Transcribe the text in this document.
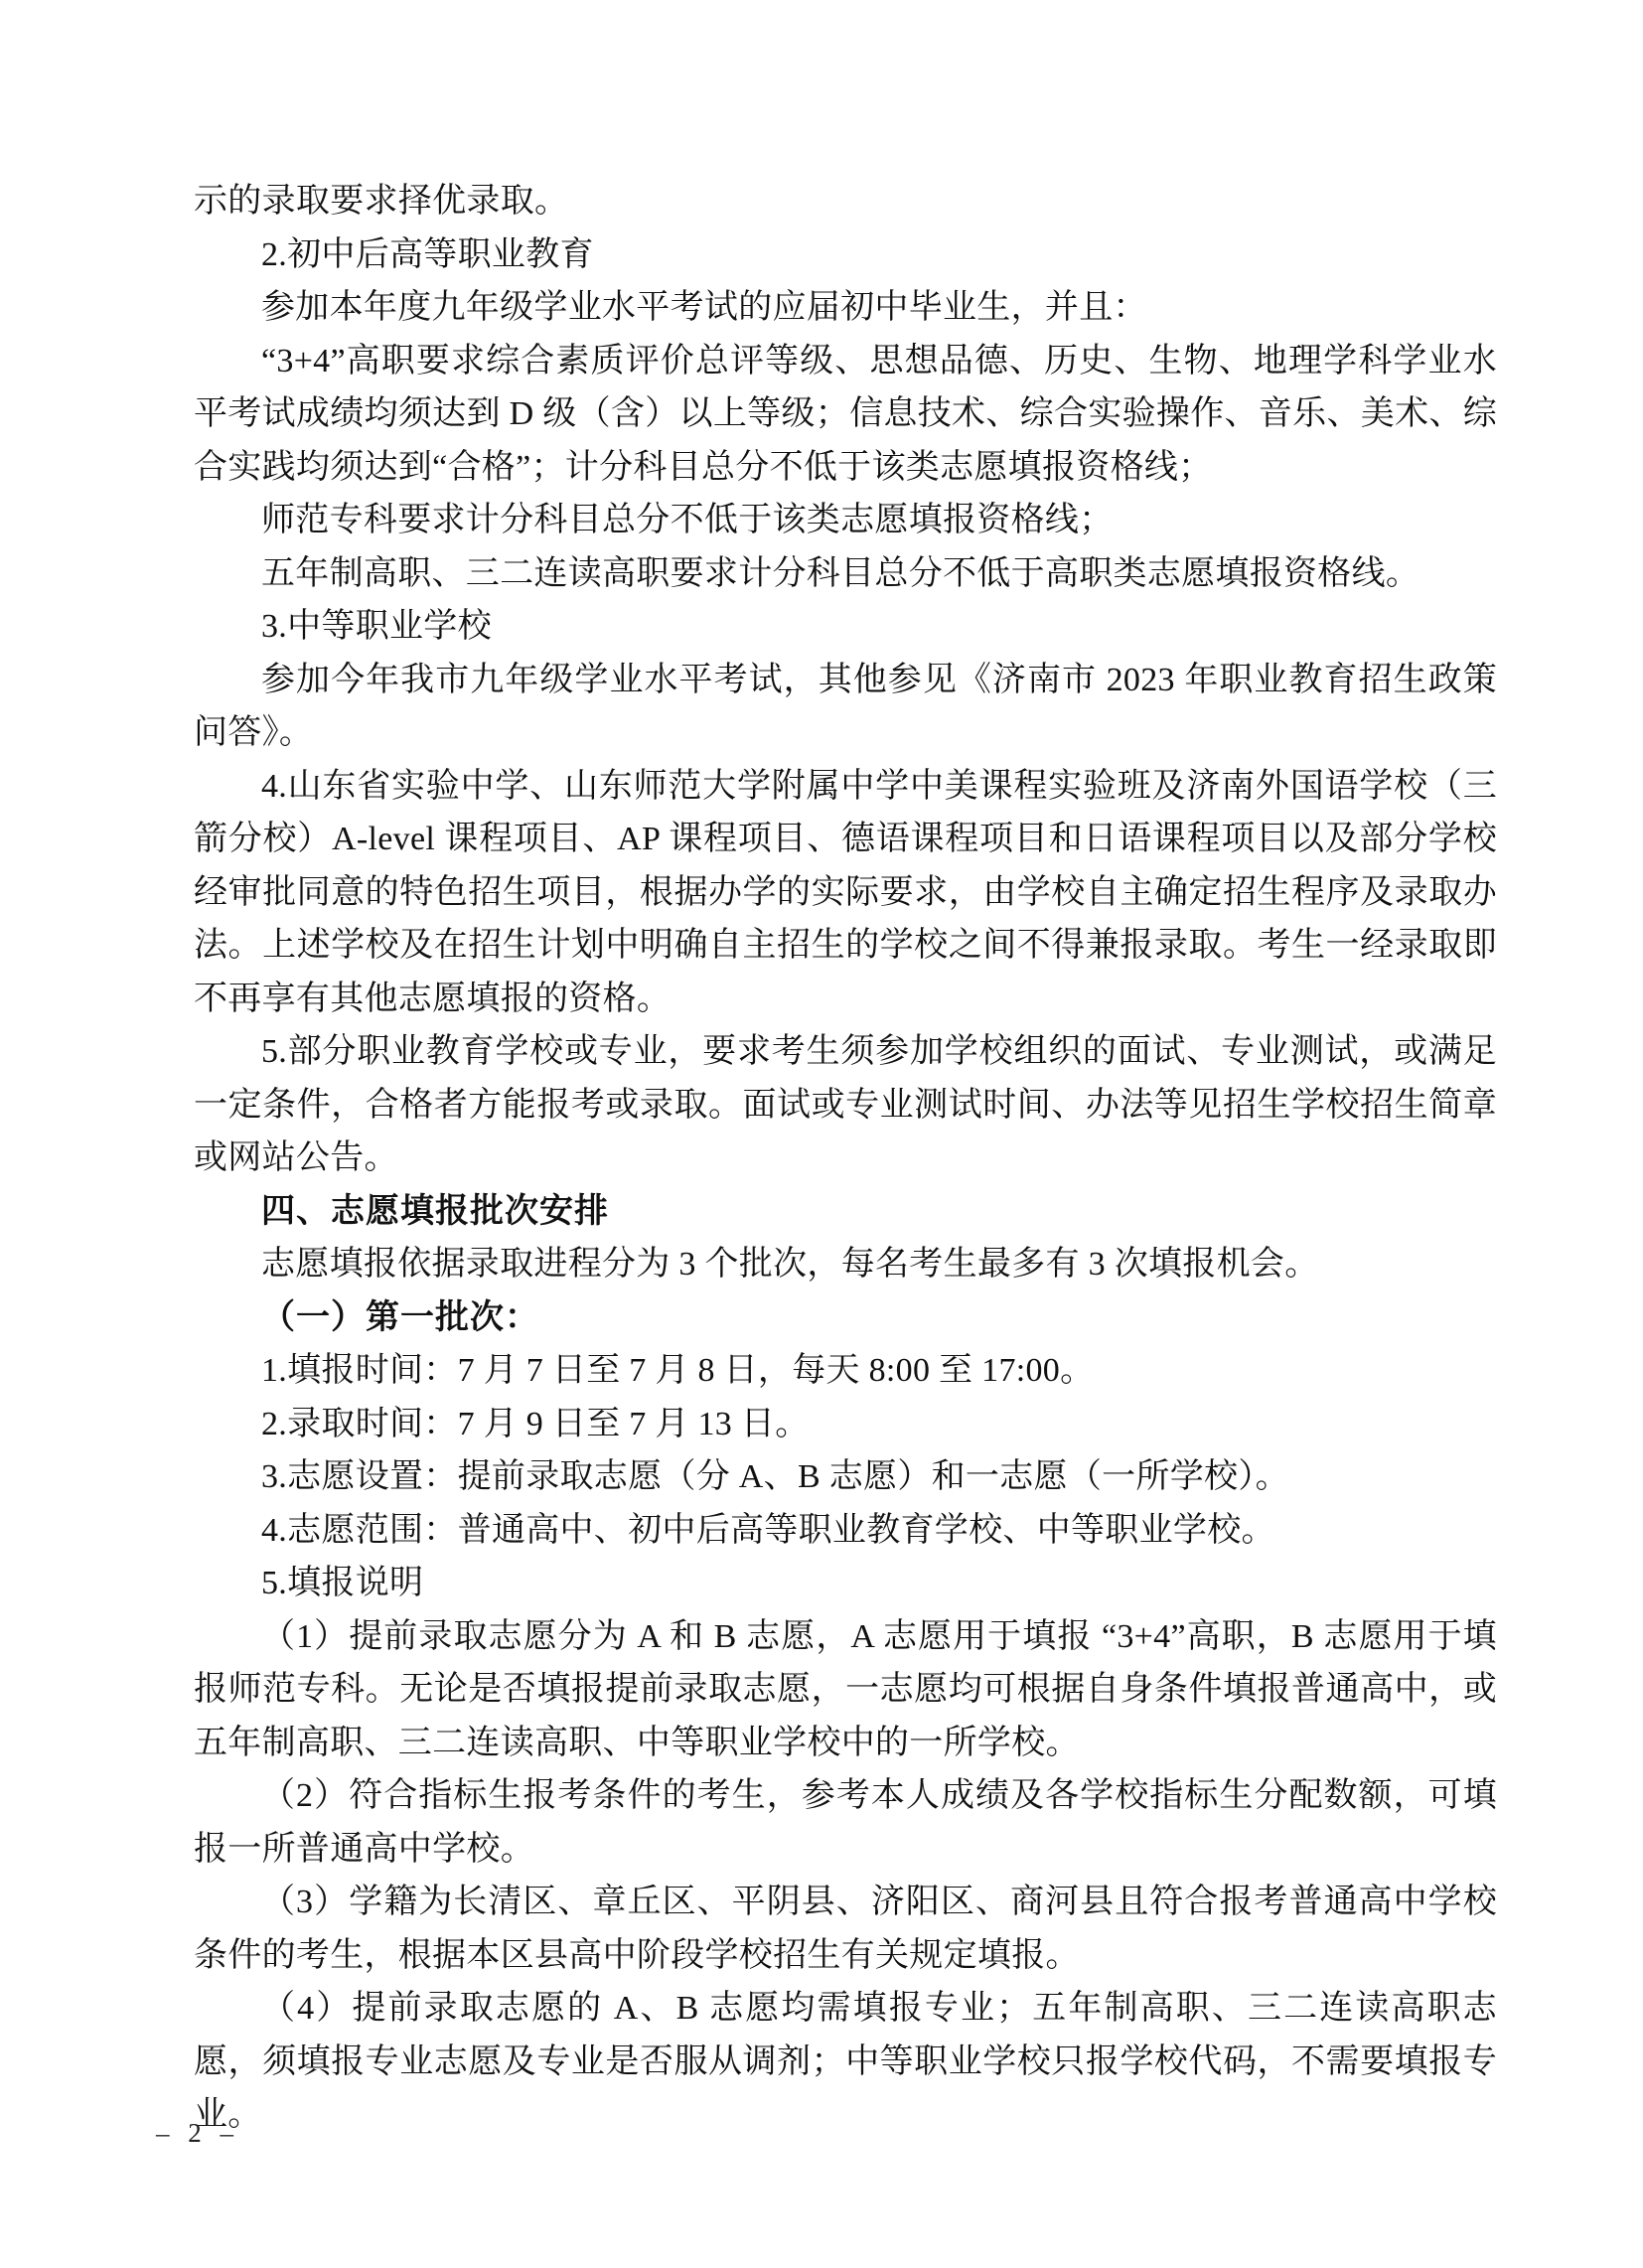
示的录取要求择优录取。

2.初中后高等职业教育

参加本年度九年级学业水平考试的应届初中毕业生，并且：

“3+4”高职要求综合素质评价总评等级、思想品德、历史、生物、地理学科学业水平考试成绩均须达到 D 级（含）以上等级；信息技术、综合实验操作、音乐、美术、综合实践均须达到“合格”；计分科目总分不低于该类志愿填报资格线；

师范专科要求计分科目总分不低于该类志愿填报资格线；

五年制高职、三二连读高职要求计分科目总分不低于高职类志愿填报资格线。

3.中等职业学校

参加今年我市九年级学业水平考试，其他参见《济南市 2023 年职业教育招生政策问答》。

4.山东省实验中学、山东师范大学附属中学中美课程实验班及济南外国语学校（三箭分校）A-level 课程项目、AP 课程项目、德语课程项目和日语课程项目以及部分学校经审批同意的特色招生项目，根据办学的实际要求，由学校自主确定招生程序及录取办法。上述学校及在招生计划中明确自主招生的学校之间不得兼报录取。考生一经录取即不再享有其他志愿填报的资格。

5.部分职业教育学校或专业，要求考生须参加学校组织的面试、专业测试，或满足一定条件，合格者方能报考或录取。面试或专业测试时间、办法等见招生学校招生简章或网站公告。

四、志愿填报批次安排

志愿填报依据录取进程分为 3 个批次，每名考生最多有 3 次填报机会。

（一）第一批次：

1.填报时间：7 月 7 日至 7 月 8 日，每天 8:00 至 17:00。

2.录取时间：7 月 9 日至 7 月 13 日。

3.志愿设置：提前录取志愿（分 A、B 志愿）和一志愿（一所学校）。

4.志愿范围：普通高中、初中后高等职业教育学校、中等职业学校。

5.填报说明

（1）提前录取志愿分为 A 和 B 志愿，A 志愿用于填报 “3+4”高职，B 志愿用于填报师范专科。无论是否填报提前录取志愿，一志愿均可根据自身条件填报普通高中，或五年制高职、三二连读高职、中等职业学校中的一所学校。

（2）符合指标生报考条件的考生，参考本人成绩及各学校指标生分配数额，可填报一所普通高中学校。

（3）学籍为长清区、章丘区、平阴县、济阳区、商河县且符合报考普通高中学校条件的考生，根据本区县高中阶段学校招生有关规定填报。

（4）提前录取志愿的 A、B 志愿均需填报专业；五年制高职、三二连读高职志愿，须填报专业志愿及专业是否服从调剂；中等职业学校只报学校代码，不需要填报专业。

– 2 –
